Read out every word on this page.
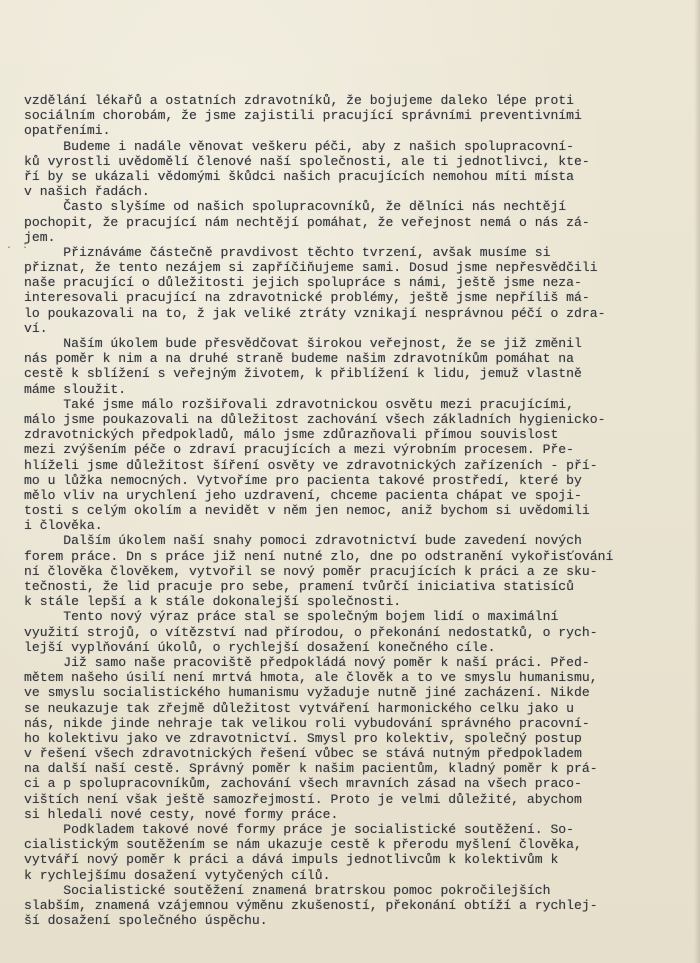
. :
vzdělání lékařů a ostatních zdravotníků, že bojujeme daleko lépe proti
sociálním chorobám, že jsme zajistili pracující správními preventivními
opatřeními.
Budeme i nadále věnovat veškeru péči, aby z našich spolupracovní-
ků vyrostli uvědomělí členové naší společnosti, ale ti jednotlivci, kte-
ří by se ukázali vědomými škůdci našich pracujících nemohou míti místa
v našich řadách.
Často slyšíme od našich spolupracovníků, že dělníci nás nechtějí
pochopit, že pracující nám nechtějí pomáhat, že veřejnost nemá o nás zá-
jem.
Přiznáváme částečně pravdivost těchto tvrzení, avšak musíme si
přiznat, že tento nezájem si zapříčiňujeme sami. Dosud jsme nepřesvědčili
naše pracující o důležitosti jejich spolupráce s námi, ještě jsme neza-
interesovali pracující na zdravotnické problémy, ještě jsme nepříliš má-
lo poukazovali na to, ž jak veliké ztráty vznikají nesprávnou péčí o zdra-
ví.
Naším úkolem bude přesvědčovat širokou veřejnost, že se již změnil
nás poměr k nim a na druhé straně budeme našim zdravotníkům pomáhat na
cestě k sblížení s veřejným životem, k přiblížení k lidu, jemuž vlastně
máme sloužit.
Také jsme málo rozšiřovali zdravotnickou osvětu mezi pracujícími,
málo jsme poukazovali na důležitost zachování všech základních hygienicko-
zdravotnických předpokladů, málo jsme zdůrazňovali přímou souvislost
mezi zvýšením péče o zdraví pracujících a mezi výrobním procesem. Pře-
hlíželi jsme důležitost šíření osvěty ve zdravotnických zařízeních - pří-
mo u lůžka nemocných. Vytvoříme pro pacienta takové prostředí, které by
mělo vliv na urychlení jeho uzdravení, chceme pacienta chápat ve spoji-
tosti s celým okolím a nevidět v něm jen nemoc, aniž bychom si uvědomili
i člověka.
Dalším úkolem naší snahy pomoci zdravotnictví bude zavedení nových
forem práce. Dn s práce již není nutné zlo, dne po odstranění vykořisťování
ní člověka člověkem, vytvořil se nový poměr pracujících k práci a ze sku-
tečnosti, že lid pracuje pro sebe, pramení tvůrčí iniciativa statisíců
k stále lepší a k stále dokonalejší společnosti.
Tento nový výraz práce stal se společným bojem lidí o maximální
využití strojů, o vítězství nad přírodou, o překonání nedostatků, o rych-
lejší vyplňování úkolů, o rychlejší dosažení konečného cíle.
Již samo naše pracoviště předpokládá nový poměr k naší práci. Před-
mětem našeho úsilí není mrtvá hmota, ale člověk a to ve smyslu humanismu,
ve smyslu socialistického humanismu vyžaduje nutně jiné zacházení. Nikde
se neukazuje tak zřejmě důležitost vytváření harmonického celku jako u
nás, nikde jinde nehraje tak velikou roli vybudování správného pracovní-
ho kolektivu jako ve zdravotnictví. Smysl pro kolektiv, společný postup
v řešení všech zdravotnických řešení vůbec se stává nutným předpokladem
na další naší cestě. Správný poměr k našim pacientům, kladný poměr k prá-
ci a p spolupracovníkům, zachování všech mravních zásad na všech praco-
vištích není však ještě samozřejmostí. Proto je velmi důležité, abychom
si hledali nové cesty, nové formy práce.
Podkladem takové nové formy práce je socialistické soutěžení. So-
cialistickým soutěžením se nám ukazuje cestě k přerodu myšlení člověka,
vytváří nový poměr k práci a dává impuls jednotlivcům k kolektivům k
k rychlejšímu dosažení vytyčených cílů.
Socialistické soutěžení znamená bratrskou pomoc pokročilejších
slabším, znamená vzájemnou výměnu zkušeností, překonání obtíží a rychlej-
ší dosažení společného úspěchu.
